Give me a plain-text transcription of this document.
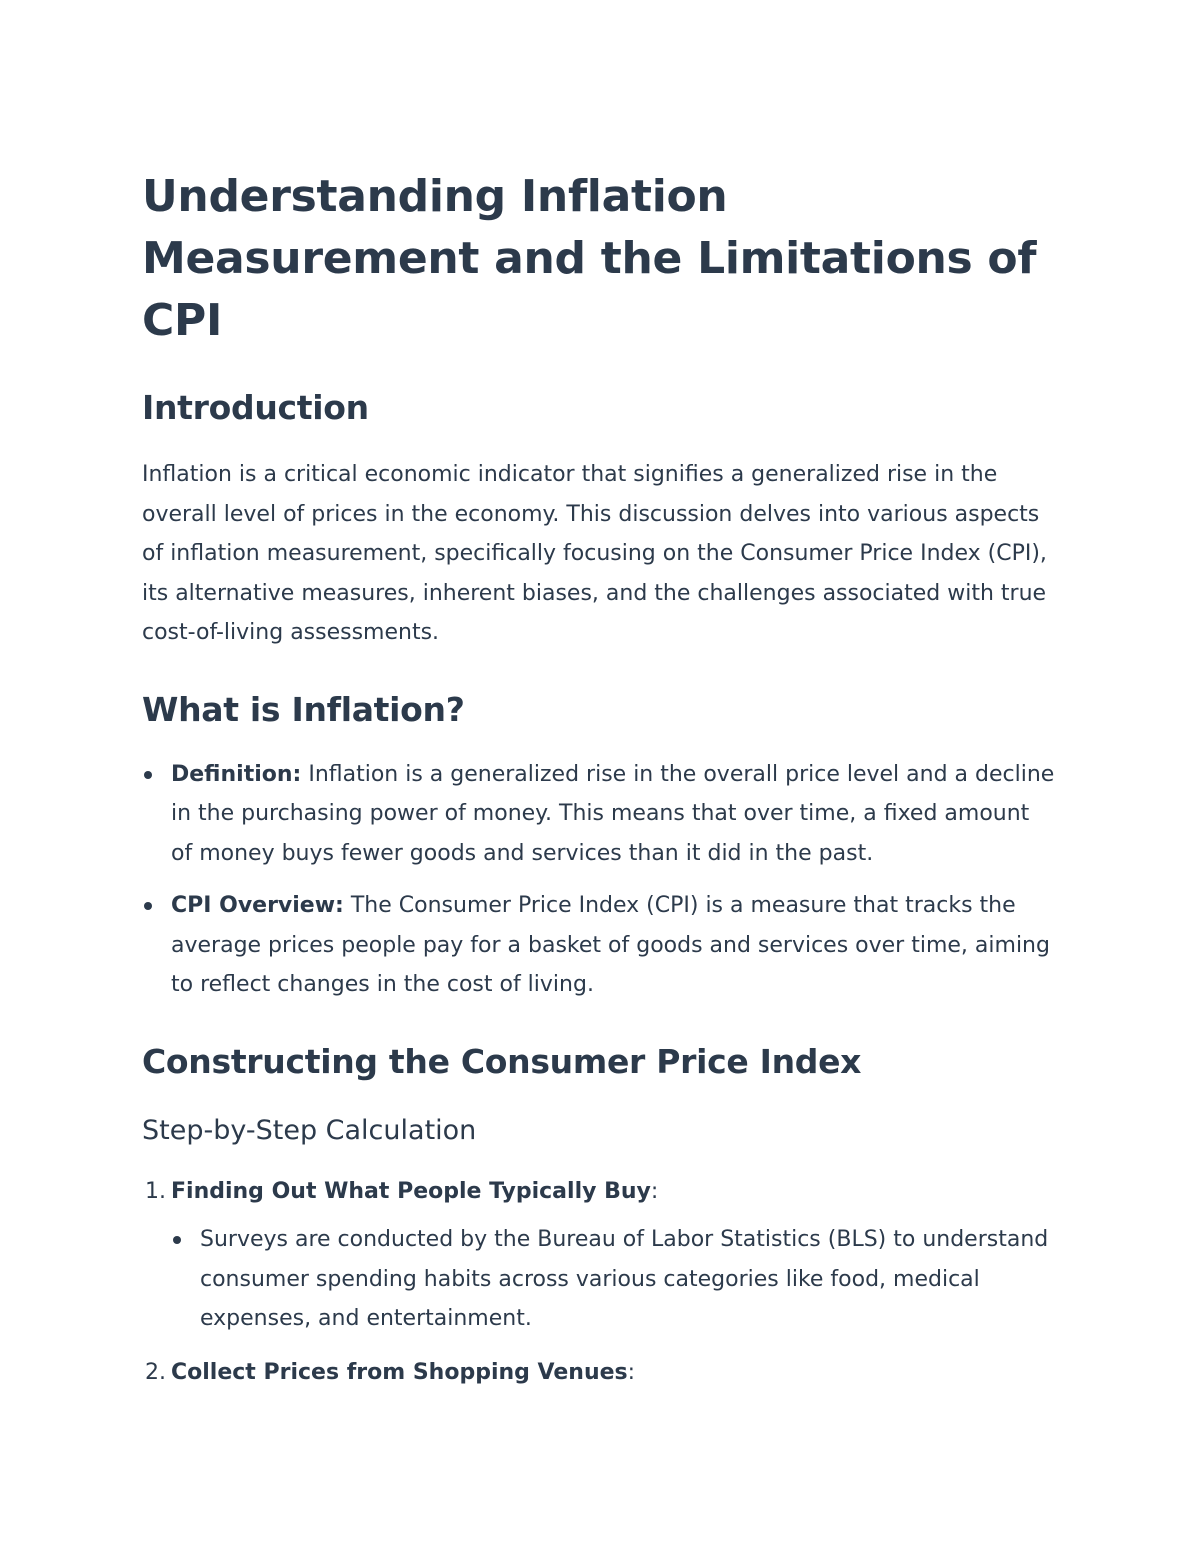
Understanding Inflation Measurement and the Limitations of CPI
Introduction

Inflation is a critical economic indicator that signifies a generalized rise in the overall level of prices in the economy. This discussion delves into various aspects of inflation measurement, specifically focusing on the Consumer Price Index (CPI), its alternative measures, inherent biases, and the challenges associated with true cost-of-living assessments.

What is Inflation?
Definition: Inflation is a generalized rise in the overall price level and a decline in the purchasing power of money. This means that over time, a fixed amount of money buys fewer goods and services than it did in the past.
CPI Overview: The Consumer Price Index (CPI) is a measure that tracks the average prices people pay for a basket of goods and services over time, aiming to reflect changes in the cost of living.
Constructing the Consumer Price Index
Step-by-Step Calculation
1. Finding Out What People Typically Buy:
Surveys are conducted by the Bureau of Labor Statistics (BLS) to understand consumer spending habits across various categories like food, medical expenses, and entertainment.
2. Collect Prices from Shopping Venues:
